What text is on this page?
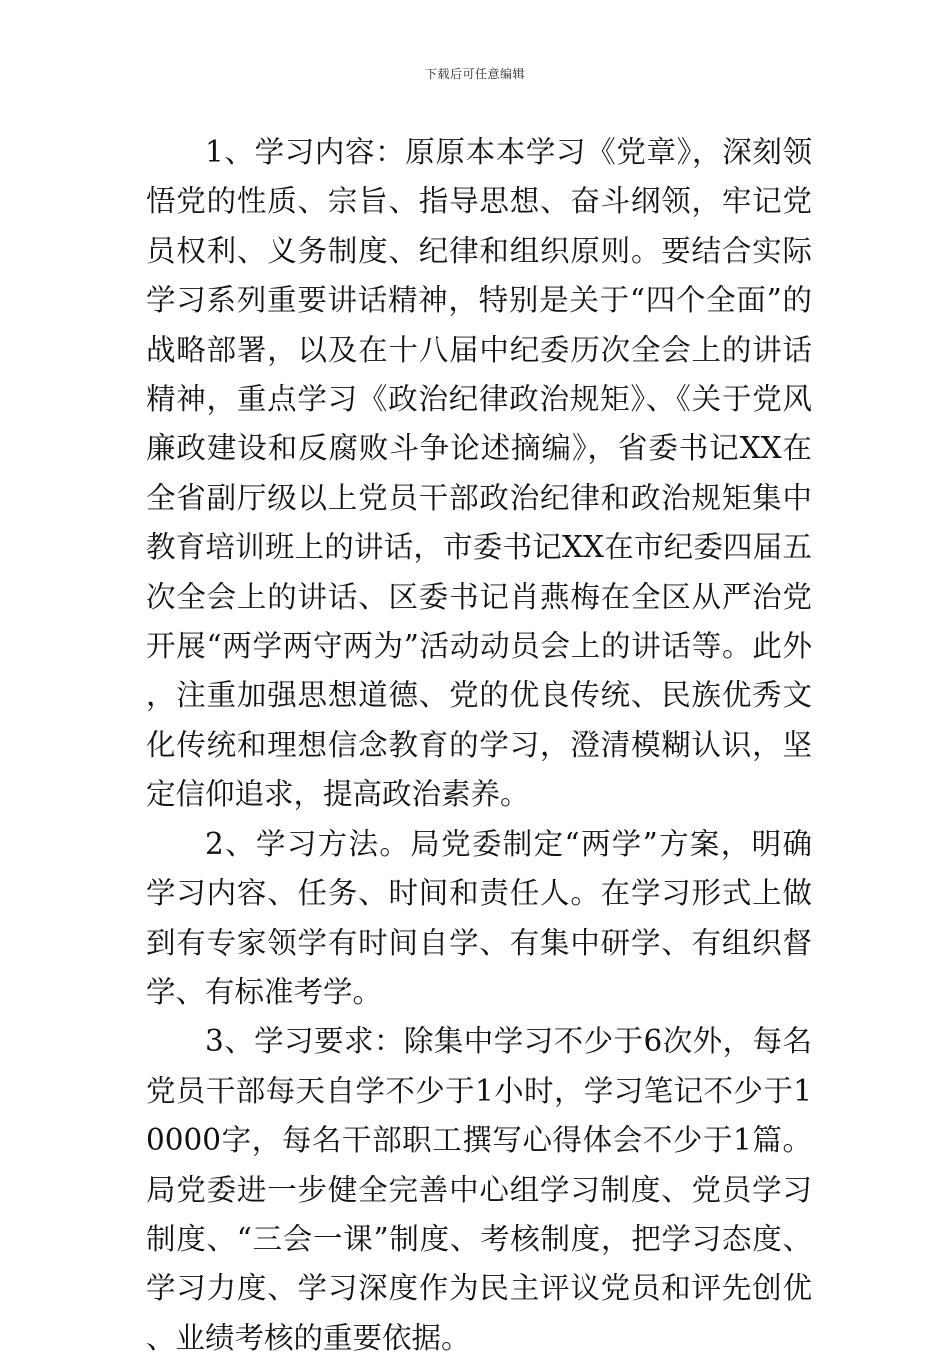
下载后可任意编辑

1、学习内容：原原本本学习《党章》，深刻领悟党的性质、宗旨、指导思想、奋斗纲领，牢记党员权利、义务制度、纪律和组织原则。要结合实际学习系列重要讲话精神，特别是关于“四个全面”的战略部署，以及在十八届中纪委历次全会上的讲话精神，重点学习《政治纪律政治规矩》、《关于党风廉政建设和反腐败斗争论述摘编》，省委书记XX在全省副厅级以上党员干部政治纪律和政治规矩集中教育培训班上的讲话，市委书记XX在市纪委四届五次全会上的讲话、区委书记肖燕梅在全区从严治党开展“两学两守两为”活动动员会上的讲话等。此外，注重加强思想道德、党的优良传统、民族优秀文化传统和理想信念教育的学习，澄清模糊认识，坚定信仰追求，提高政治素养。

2、学习方法。局党委制定“两学”方案，明确学习内容、任务、时间和责任人。在学习形式上做到有专家领学有时间自学、有集中研学、有组织督学、有标准考学。

3、学习要求：除集中学习不少于6次外，每名党员干部每天自学不少于1小时，学习笔记不少于10000字，每名干部职工撰写心得体会不少于1篇。局党委进一步健全完善中心组学习制度、党员学习制度、“三会一课”制度、考核制度，把学习态度、学习力度、学习深度作为民主评议党员和评先创优、业绩考核的重要依据。
